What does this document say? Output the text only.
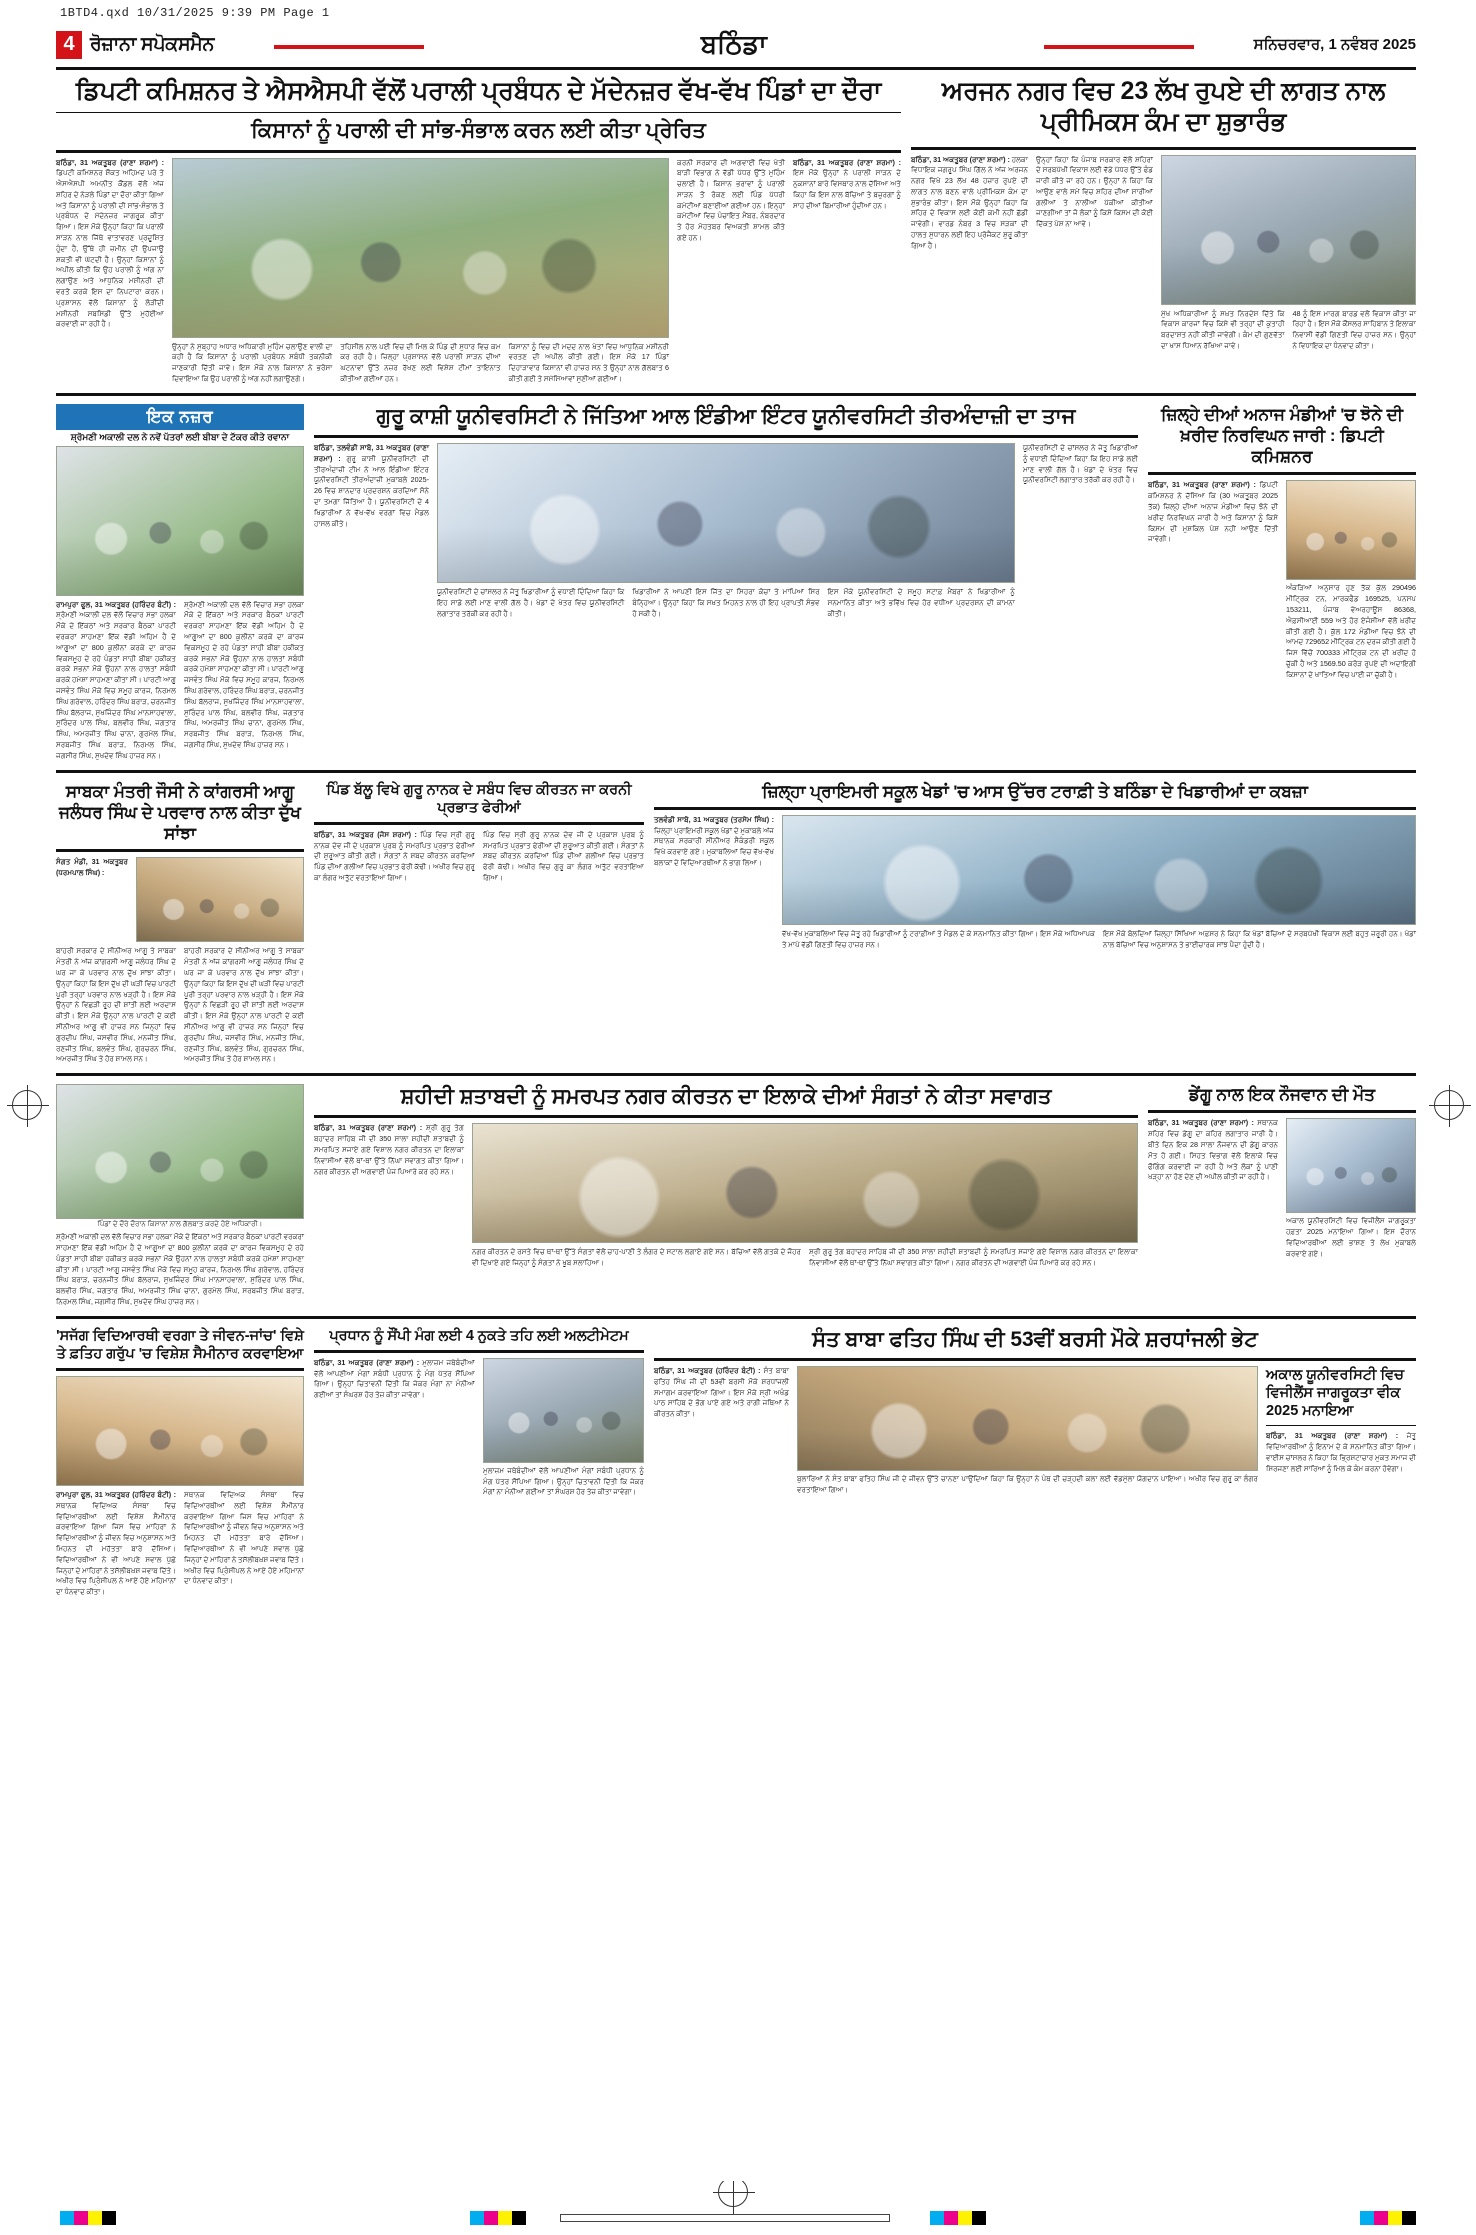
1BTD4.qxd 10/31/2025 9:39 PM Page 1
4 ਰੋਜ਼ਾਨਾ ਸਪੋਕਸਮੈਨ	ਬਠਿੰਡਾ	ਸਨਿਚਰਵਾਰ, 1 ਨਵੰਬਰ 2025
ਡਿਪਟੀ ਕਮਿਸ਼ਨਰ ਤੇ ਐਸਐਸਪੀ ਵੱਲੋਂ ਪਰਾਲੀ ਪ੍ਰਬੰਧਨ ਦੇ ਮੱਦੇਨਜ਼ਰ ਵੱਖ-ਵੱਖ ਪਿੰਡਾਂ ਦਾ ਦੌਰਾ
ਕਿਸਾਨਾਂ ਨੂੰ ਪਰਾਲੀ ਦੀ ਸਾਂਭ-ਸੰਭਾਲ ਕਰਨ ਲਈ ਕੀਤਾ ਪ੍ਰੇਰਿਤ
ਬਠਿੰਡਾ, 31 ਅਕਤੂਬਰ (ਰਾਣਾ ਸ਼ਰਮਾ) : ਡਿਪਟੀ ਕਮਿਸ਼ਨਰ ਸ਼ੌਕਤ ਅਹਿਮਦ ਪਰੇ ਤੇ ਐਸਐਸਪੀ ਅਮਨੀਤ ਕੌਂਡਲ ਵੱਲੋਂ ਅੱਜ ਸ਼ਹਿਰ ਦੇ ਨੇੜਲੇ ਪਿੰਡਾਂ ਦਾ ਦੌਰਾ ਕੀਤਾ ਗਿਆ ਅਤੇ ਕਿਸਾਨਾਂ ਨੂੰ ਪਰਾਲੀ ਦੀ ਸਾਂਭ-ਸੰਭਾਲ ਤੇ ਪ੍ਰਬੰਧਨ ਦੇ ਮੱਦੇਨਜ਼ਰ ਜਾਗਰੂਕ ਕੀਤਾ ਗਿਆ। ਇਸ ਮੌਕੇ ਉਨ੍ਹਾਂ ਕਿਹਾ ਕਿ ਪਰਾਲੀ ਸਾੜਨ ਨਾਲ ਜਿੱਥੇ ਵਾਤਾਵਰਣ ਪ੍ਰਦੂਸ਼ਿਤ ਹੁੰਦਾ ਹੈ, ਉੱਥੇ ਹੀ ਜ਼ਮੀਨ ਦੀ ਉਪਜਾਊ ਸ਼ਕਤੀ ਵੀ ਘੱਟਦੀ ਹੈ। ਉਨ੍ਹਾਂ ਕਿਸਾਨਾਂ ਨੂੰ ਅਪੀਲ ਕੀਤੀ ਕਿ ਉਹ ਪਰਾਲੀ ਨੂੰ ਅੱਗ ਨਾ ਲਗਾਉਣ ਅਤੇ ਆਧੁਨਿਕ ਮਸ਼ੀਨਰੀ ਦੀ ਵਰਤੋਂ ਕਰਕੇ ਇਸ ਦਾ ਨਿਪਟਾਰਾ ਕਰਨ। ਪ੍ਰਸ਼ਾਸਨ ਵੱਲੋਂ ਕਿਸਾਨਾਂ ਨੂੰ ਲੋੜੀਂਦੀ ਮਸ਼ੀਨਰੀ ਸਬਸਿਡੀ ਉੱਤੇ ਮੁਹੱਈਆ ਕਰਵਾਈ ਜਾ ਰਹੀ ਹੈ।
ਉਨ੍ਹਾਂ ਨੇ ਸੁਬ੍ਹਾਹ ਅਧਾਰ ਅਧਿਕਾਰੀ ਮੁਹਿੰਮ ਚਲਾਉਣ ਵਾਲੀ ਦਾ ਕਹੀ ਹੈ ਕਿ ਕਿਸਾਨਾਂ ਨੂੰ ਪਰਾਲੀ ਪ੍ਰਬੰਧਨ ਸਬੰਧੀ ਤਕਨੀਕੀ ਜਾਣਕਾਰੀ ਦਿੱਤੀ ਜਾਵੇ। ਇਸ ਮੌਕੇ ਨਾਲ ਕਿਸਾਨਾਂ ਨੇ ਭਰੋਸਾ ਦਿਵਾਇਆ ਕਿ ਉਹ ਪਰਾਲੀ ਨੂੰ ਅੱਗ ਨਹੀਂ ਲਗਾਉਣਗੇ।
ਤਹਿਸੀਲ ਨਾਲ ਪਈ ਵਿਚ ਦੀ ਮਿਲ ਕੇ ਪਿੰਡ ਦੀ ਸੁਧਾਰ ਵਿਚ ਕਮ ਕਰ ਰਹੀ ਹੈ। ਜ਼ਿਲ੍ਹਾ ਪ੍ਰਸ਼ਾਸਨ ਵੱਲੋਂ ਪਰਾਲੀ ਸਾੜਨ ਦੀਆਂ ਘਟਨਾਵਾਂ ਉੱਤੇ ਨਜ਼ਰ ਰੱਖਣ ਲਈ ਵਿਸ਼ੇਸ਼ ਟੀਮਾਂ ਤਾਇਨਾਤ ਕੀਤੀਆਂ ਗਈਆਂ ਹਨ।
ਕਿਸਾਨਾਂ ਨੂੰ ਵਿਚ ਦੀ ਮਦਦ ਨਾਲ ਖੇਤਾਂ ਵਿਚ ਆਧੁਨਿਕ ਮਸ਼ੀਨਰੀ ਵਰਤਣ ਦੀ ਅਪੀਲ ਕੀਤੀ ਗਈ। ਇਸ ਮੌਕੇ 17 ਪਿੰਡਾਂ ਦਿਹਾੜਾਵਾਰ ਕਿਸਾਨਾਂ ਵੀ ਹਾਜ਼ਰ ਸਨ ਤੇ ਉਨ੍ਹਾਂ ਨਾਲ ਗੱਲਬਾਤ 6 ਕੀਤੀ ਗਈ ਤੇ ਸਮੱਸਿਆਵਾਂ ਸੁਣੀਆਂ ਗਈਆਂ।
ਕਰਨੀ ਸਰਕਾਰ ਦੀ ਅਗਵਾਈ ਵਿਚ ਖੇਤੀ ਬਾੜੀ ਵਿਭਾਗ ਨੇ ਵੱਡੀ ਪੱਧਰ ਉੱਤੇ ਮੁਹਿੰਮ ਚਲਾਈ ਹੈ। ਕਿਸਾਨ ਭਰਾਵਾਂ ਨੂੰ ਪਰਾਲੀ ਸਾੜਨ ਤੋਂ ਰੋਕਣ ਲਈ ਪਿੰਡ ਪੱਧਰੀ ਕਮੇਟੀਆਂ ਬਣਾਈਆਂ ਗਈਆਂ ਹਨ। ਇਨ੍ਹਾਂ ਕਮੇਟੀਆਂ ਵਿਚ ਪੰਚਾਇਤ ਮੈਂਬਰ, ਨੰਬਰਦਾਰ ਤੇ ਹੋਰ ਮੋਹਤਬਰ ਵਿਅਕਤੀ ਸ਼ਾਮਲ ਕੀਤੇ ਗਏ ਹਨ।
ਬਠਿੰਡਾ, 31 ਅਕਤੂਬਰ (ਰਾਣਾ ਸ਼ਰਮਾ) : ਇਸ ਮੌਕੇ ਉਨ੍ਹਾਂ ਨੇ ਪਰਾਲੀ ਸਾੜਨ ਦੇ ਨੁਕਸਾਨਾਂ ਬਾਰੇ ਵਿਸਥਾਰ ਨਾਲ ਦੱਸਿਆ ਅਤੇ ਕਿਹਾ ਕਿ ਇਸ ਨਾਲ ਬੱਚਿਆਂ ਤੇ ਬਜ਼ੁਰਗਾਂ ਨੂੰ ਸਾਹ ਦੀਆਂ ਬਿਮਾਰੀਆਂ ਹੁੰਦੀਆਂ ਹਨ।
ਅਰਜਨ ਨਗਰ ਵਿਚ 23 ਲੱਖ ਰੁਪਏ ਦੀ ਲਾਗਤ ਨਾਲ ਪ੍ਰੀਮਿਕਸ ਕੰਮ ਦਾ ਸ਼ੁਭਾਰੰਭ
ਬਠਿੰਡਾ, 31 ਅਕਤੂਬਰ (ਰਾਣਾ ਸ਼ਰਮਾ) : ਹਲਕਾ ਵਿਧਾਇਕ ਜਗਰੂਪ ਸਿੰਘ ਗਿੱਲ ਨੇ ਅੱਜ ਅਰਜਨ ਨਗਰ ਵਿਖੇ 23 ਲੱਖ 48 ਹਜ਼ਾਰ ਰੁਪਏ ਦੀ ਲਾਗਤ ਨਾਲ ਬਣਨ ਵਾਲੇ ਪ੍ਰੀਮਿਕਸ ਕੰਮ ਦਾ ਸ਼ੁਭਾਰੰਭ ਕੀਤਾ। ਇਸ ਮੌਕੇ ਉਨ੍ਹਾਂ ਕਿਹਾ ਕਿ ਸ਼ਹਿਰ ਦੇ ਵਿਕਾਸ ਲਈ ਕੋਈ ਕਮੀ ਨਹੀਂ ਛੱਡੀ ਜਾਵੇਗੀ। ਵਾਰਡ ਨੰਬਰ 3 ਵਿਚ ਸੜਕਾਂ ਦੀ ਹਾਲਤ ਸੁਧਾਰਨ ਲਈ ਇਹ ਪ੍ਰੋਜੈਕਟ ਸ਼ੁਰੂ ਕੀਤਾ ਗਿਆ ਹੈ।
ਉਨ੍ਹਾਂ ਕਿਹਾ ਕਿ ਪੰਜਾਬ ਸਰਕਾਰ ਵੱਲੋਂ ਸ਼ਹਿਰਾਂ ਦੇ ਸਰਬਪੱਖੀ ਵਿਕਾਸ ਲਈ ਵੱਡੇ ਪੱਧਰ ਉੱਤੇ ਫੰਡ ਜਾਰੀ ਕੀਤੇ ਜਾ ਰਹੇ ਹਨ। ਉਨ੍ਹਾਂ ਨੇ ਕਿਹਾ ਕਿ ਆਉਣ ਵਾਲੇ ਸਮੇਂ ਵਿਚ ਸ਼ਹਿਰ ਦੀਆਂ ਸਾਰੀਆਂ ਗਲੀਆਂ ਤੇ ਨਾਲੀਆਂ ਪੱਕੀਆਂ ਕੀਤੀਆਂ ਜਾਣਗੀਆਂ ਤਾਂ ਜੋ ਲੋਕਾਂ ਨੂੰ ਕਿਸੇ ਕਿਸਮ ਦੀ ਕੋਈ ਦਿੱਕਤ ਪੇਸ਼ ਨਾ ਆਵੇ।
ਮੁੱਖ ਅਧਿਕਾਰੀਆਂ ਨੂੰ ਸਖ਼ਤ ਨਿਰਦੇਸ਼ ਦਿੱਤੇ ਕਿ ਵਿਕਾਸ ਕਾਰਜਾਂ ਵਿਚ ਕਿਸੇ ਵੀ ਤਰ੍ਹਾਂ ਦੀ ਕੁਤਾਹੀ ਬਰਦਾਸ਼ਤ ਨਹੀਂ ਕੀਤੀ ਜਾਵੇਗੀ। ਕੰਮ ਦੀ ਗੁਣਵੱਤਾ ਦਾ ਖਾਸ ਧਿਆਨ ਰੱਖਿਆ ਜਾਵੇ।
48 ਨੂੰ ਇਸ ਮਾਰਗ ਬਾਰਡ ਵਲੋਂ ਵਿਕਾਸ ਕੀਤਾ ਜਾ ਰਿਹਾ ਹੈ। ਇਸ ਮੌਕੇ ਕੌਂਸਲਰ ਸਾਹਿਬਾਨ ਤੇ ਇਲਾਕਾ ਨਿਵਾਸੀ ਵੱਡੀ ਗਿਣਤੀ ਵਿਚ ਹਾਜ਼ਰ ਸਨ। ਉਨ੍ਹਾਂ ਨੇ ਵਿਧਾਇਕ ਦਾ ਧੰਨਵਾਦ ਕੀਤਾ।
ਇਕ ਨਜ਼ਰ
ਸ਼੍ਰੋਮਣੀ ਅਕਾਲੀ ਦਲ ਨੇ ਨਵੇਂ ਪੱਤਰਾਂ ਲਈ ਬੀਬਾ ਦੇ ਟੱਕਰ ਕੀਤੇ ਰਵਾਨਾ
ਰਾਮਪੁਰਾ ਫੂਲ, 31 ਅਕਤੂਬਰ (ਹਰਿੰਦਰ ਬੰਟੀ) : ਸ਼੍ਰੋਮਣੀ ਅਕਾਲੀ ਦਲ ਵੱਲੋਂ ਵਿਚਾਰ ਸਭਾ ਹਲਕਾ ਮੌਕੇ ਦੇ ਇੱਕਠਾਂ ਅਤੇ ਸਰਕਾਰ ਬੈਠਕਾਂ ਪਾਰਟੀ ਵਰਕਰਾਂ ਸਾਹਮਣਾ ਇੱਕ ਵੱਡੀ ਅਹਿਮ ਹੈ ਦੇ ਆਗੂਆਂ ਦਾ 800 ਕੁਲੀਨਾਂ ਕਰਕੇ ਦਾ ਕਾਰਜ ਵਿਕਸਮੂਹ ਦੇ ਰਹੇ ਪੰਡਤਾਂ ਸਾਹੀ ਬੀਬਾ ਹਕੀਕਤ ਕਰਕੇ ਸਭਨਾਂ ਮੌਕੇ ਉਹਨਾਂ ਨਾਲ ਹਾਲਤਾਂ ਸਬੰਧੀ ਕਰਕੇ ਹਮੇਸ਼ਾ ਸਾਹਮਣਾ ਕੀਤਾ ਸੀ। ਪਾਰਟੀ ਆਗੂ ਜਸਵੰਤ ਸਿੰਘ ਮੌਕੇ ਵਿਚ ਸਮੂਹ ਕਾਰਜ, ਨਿਰਮਲ ਸਿੰਘ ਗਰੇਵਾਲ, ਹਰਿੰਦਰ ਸਿੰਘ ਬਰਾੜ, ਚਰਨਜੀਤ ਸਿੰਘ ਬੱਲਰਾਜ, ਸੁਖਜਿੰਦਰ ਸਿੰਘ ਮਾਨਸਾਹਵਾਲਾ, ਸੁਰਿੰਦਰ ਪਾਲ ਸਿੰਘ, ਬਲਵੀਰ ਸਿੰਘ, ਜਗਤਾਰ ਸਿੰਘ, ਅਮਰਜੀਤ ਸਿੰਘ ਚਾਨਾ, ਗੁਰਮੇਲ ਸਿੰਘ, ਸਰਬਜੀਤ ਸਿੰਘ ਬਰਾੜ, ਨਿਰਮਲ ਸਿੰਘ, ਜਗਸੀਰ ਸਿੰਘ, ਸੁਖਦੇਵ ਸਿੰਘ ਹਾਜ਼ਰ ਸਨ।
ਸ਼੍ਰੋਮਣੀ ਅਕਾਲੀ ਦਲ ਵੱਲੋਂ ਵਿਚਾਰ ਸਭਾ ਹਲਕਾ ਮੌਕੇ ਦੇ ਇੱਕਠਾਂ ਅਤੇ ਸਰਕਾਰ ਬੈਠਕਾਂ ਪਾਰਟੀ ਵਰਕਰਾਂ ਸਾਹਮਣਾ ਇੱਕ ਵੱਡੀ ਅਹਿਮ ਹੈ ਦੇ ਆਗੂਆਂ ਦਾ 800 ਕੁਲੀਨਾਂ ਕਰਕੇ ਦਾ ਕਾਰਜ ਵਿਕਸਮੂਹ ਦੇ ਰਹੇ ਪੰਡਤਾਂ ਸਾਹੀ ਬੀਬਾ ਹਕੀਕਤ ਕਰਕੇ ਸਭਨਾਂ ਮੌਕੇ ਉਹਨਾਂ ਨਾਲ ਹਾਲਤਾਂ ਸਬੰਧੀ ਕਰਕੇ ਹਮੇਸ਼ਾ ਸਾਹਮਣਾ ਕੀਤਾ ਸੀ। ਪਾਰਟੀ ਆਗੂ ਜਸਵੰਤ ਸਿੰਘ ਮੌਕੇ ਵਿਚ ਸਮੂਹ ਕਾਰਜ, ਨਿਰਮਲ ਸਿੰਘ ਗਰੇਵਾਲ, ਹਰਿੰਦਰ ਸਿੰਘ ਬਰਾੜ, ਚਰਨਜੀਤ ਸਿੰਘ ਬੱਲਰਾਜ, ਸੁਖਜਿੰਦਰ ਸਿੰਘ ਮਾਨਸਾਹਵਾਲਾ, ਸੁਰਿੰਦਰ ਪਾਲ ਸਿੰਘ, ਬਲਵੀਰ ਸਿੰਘ, ਜਗਤਾਰ ਸਿੰਘ, ਅਮਰਜੀਤ ਸਿੰਘ ਚਾਨਾ, ਗੁਰਮੇਲ ਸਿੰਘ, ਸਰਬਜੀਤ ਸਿੰਘ ਬਰਾੜ, ਨਿਰਮਲ ਸਿੰਘ, ਜਗਸੀਰ ਸਿੰਘ, ਸੁਖਦੇਵ ਸਿੰਘ ਹਾਜ਼ਰ ਸਨ।
ਗੁਰੂ ਕਾਸ਼ੀ ਯੂਨੀਵਰਸਿਟੀ ਨੇ ਜਿੱਤਿਆ ਆਲ ਇੰਡੀਆ ਇੰਟਰ ਯੂਨੀਵਰਸਿਟੀ ਤੀਰਅੰਦਾਜ਼ੀ ਦਾ ਤਾਜ
ਬਠਿੰਡਾ, ਤਲਵੰਡੀ ਸਾਬੋ, 31 ਅਕਤੂਬਰ (ਰਾਣਾ ਸ਼ਰਮਾ) : ਗੁਰੂ ਕਾਸ਼ੀ ਯੂਨੀਵਰਸਿਟੀ ਦੀ ਤੀਰਅੰਦਾਜ਼ੀ ਟੀਮ ਨੇ ਆਲ ਇੰਡੀਆ ਇੰਟਰ ਯੂਨੀਵਰਸਿਟੀ ਤੀਰਅੰਦਾਜ਼ੀ ਮੁਕਾਬਲੇ 2025-26 ਵਿਚ ਸ਼ਾਨਦਾਰ ਪ੍ਰਦਰਸ਼ਨ ਕਰਦਿਆਂ ਸੋਨੇ ਦਾ ਤਮਗਾ ਜਿੱਤਿਆ ਹੈ। ਯੂਨੀਵਰਸਿਟੀ ਦੇ 4 ਖਿਡਾਰੀਆਂ ਨੇ ਵੱਖ-ਵੱਖ ਵਰਗਾਂ ਵਿਚ ਮੈਡਲ ਹਾਸਲ ਕੀਤੇ।
ਯੂਨੀਵਰਸਿਟੀ ਦੇ ਚਾਂਸਲਰ ਨੇ ਜੇਤੂ ਖਿਡਾਰੀਆਂ ਨੂੰ ਵਧਾਈ ਦਿੰਦਿਆਂ ਕਿਹਾ ਕਿ ਇਹ ਸਾਡੇ ਲਈ ਮਾਣ ਵਾਲੀ ਗੱਲ ਹੈ। ਖੇਡਾਂ ਦੇ ਖੇਤਰ ਵਿਚ ਯੂਨੀਵਰਸਿਟੀ ਲਗਾਤਾਰ ਤਰੱਕੀ ਕਰ ਰਹੀ ਹੈ।
ਖਿਡਾਰੀਆਂ ਨੇ ਆਪਣੀ ਇਸ ਜਿੱਤ ਦਾ ਸਿਹਰਾ ਕੋਚਾਂ ਤੇ ਮਾਪਿਆਂ ਸਿਰ ਬੰਨ੍ਹਿਆ। ਉਨ੍ਹਾਂ ਕਿਹਾ ਕਿ ਸਖ਼ਤ ਮਿਹਨਤ ਨਾਲ ਹੀ ਇਹ ਪ੍ਰਾਪਤੀ ਸੰਭਵ ਹੋ ਸਕੀ ਹੈ।
ਇਸ ਮੌਕੇ ਯੂਨੀਵਰਸਿਟੀ ਦੇ ਸਮੂਹ ਸਟਾਫ਼ ਮੈਂਬਰਾਂ ਨੇ ਖਿਡਾਰੀਆਂ ਨੂੰ ਸਨਮਾਨਿਤ ਕੀਤਾ ਅਤੇ ਭਵਿੱਖ ਵਿਚ ਹੋਰ ਵਧੀਆ ਪ੍ਰਦਰਸ਼ਨ ਦੀ ਕਾਮਨਾ ਕੀਤੀ।
ਯੂਨੀਵਰਸਿਟੀ ਦੇ ਚਾਂਸਲਰ ਨੇ ਜੇਤੂ ਖਿਡਾਰੀਆਂ ਨੂੰ ਵਧਾਈ ਦਿੰਦਿਆਂ ਕਿਹਾ ਕਿ ਇਹ ਸਾਡੇ ਲਈ ਮਾਣ ਵਾਲੀ ਗੱਲ ਹੈ। ਖੇਡਾਂ ਦੇ ਖੇਤਰ ਵਿਚ ਯੂਨੀਵਰਸਿਟੀ ਲਗਾਤਾਰ ਤਰੱਕੀ ਕਰ ਰਹੀ ਹੈ।
ਜ਼ਿਲ੍ਹੇ ਦੀਆਂ ਅਨਾਜ ਮੰਡੀਆਂ 'ਚ ਝੋਨੇ ਦੀ ਖ਼ਰੀਦ ਨਿਰਵਿਘਨ ਜਾਰੀ : ਡਿਪਟੀ ਕਮਿਸ਼ਨਰ
ਬਠਿੰਡਾ, 31 ਅਕਤੂਬਰ (ਰਾਣਾ ਸ਼ਰਮਾ) : ਡਿਪਟੀ ਕਮਿਸ਼ਨਰ ਨੇ ਦੱਸਿਆ ਕਿ (30 ਅਕਤੂਬਰ 2025 ਤੱਕ) ਜ਼ਿਲ੍ਹੇ ਦੀਆਂ ਅਨਾਜ ਮੰਡੀਆਂ ਵਿਚ ਝੋਨੇ ਦੀ ਖ਼ਰੀਦ ਨਿਰਵਿਘਨ ਜਾਰੀ ਹੈ ਅਤੇ ਕਿਸਾਨਾਂ ਨੂੰ ਕਿਸੇ ਕਿਸਮ ਦੀ ਮੁਸ਼ਕਿਲ ਪੇਸ਼ ਨਹੀਂ ਆਉਣ ਦਿੱਤੀ ਜਾਵੇਗੀ।
ਅੰਕੜਿਆਂ ਅਨੁਸਾਰ ਹੁਣ ਤੱਕ ਕੁੱਲ 290496 ਮੀਟ੍ਰਿਕ ਟਨ, ਮਾਰਕਫੈਡ 169525, ਪਨਸਪ 153211, ਪੰਜਾਬ ਵੇਅਰਹਾਊਸ 86368, ਐਫ਼ਸੀਆਈ 559 ਅਤੇ ਹੋਰ ਏਜੰਸੀਆਂ ਵੱਲੋਂ ਖ਼ਰੀਦ ਕੀਤੀ ਗਈ ਹੈ। ਕੁੱਲ 172 ਮੰਡੀਆਂ ਵਿਚ ਝੋਨੇ ਦੀ ਆਮਦ 729652 ਮੀਟ੍ਰਿਕ ਟਨ ਦਰਜ ਕੀਤੀ ਗਈ ਹੈ ਜਿਸ ਵਿੱਚੋਂ 700333 ਮੀਟ੍ਰਿਕ ਟਨ ਦੀ ਖ਼ਰੀਦ ਹੋ ਚੁੱਕੀ ਹੈ ਅਤੇ 1569.50 ਕਰੋੜ ਰੁਪਏ ਦੀ ਅਦਾਇਗੀ ਕਿਸਾਨਾਂ ਦੇ ਖਾਤਿਆਂ ਵਿਚ ਪਾਈ ਜਾ ਚੁੱਕੀ ਹੈ।
ਸਾਬਕਾ ਮੰਤਰੀ ਜੌਸੀ ਨੇ ਕਾਂਗਰਸੀ ਆਗੂ ਜਲੰਧਰ ਸਿੰਘ ਦੇ ਪਰਵਾਰ ਨਾਲ ਕੀਤਾ ਦੁੱਖ ਸਾਂਝਾ
ਸੰਗਤ ਮੰਡੀ, 31 ਅਕਤੂਬਰ (ਧਰਮਪਾਲ ਸਿੰਘ) :
ਬਾਹਰੀ ਸਰਕਾਰ ਦੇ ਸੀਨੀਅਰ ਆਗੂ ਤੇ ਸਾਬਕਾ ਮੰਤਰੀ ਨੇ ਅੱਜ ਕਾਂਗਰਸੀ ਆਗੂ ਜਲੰਧਰ ਸਿੰਘ ਦੇ ਘਰ ਜਾ ਕੇ ਪਰਵਾਰ ਨਾਲ ਦੁੱਖ ਸਾਂਝਾ ਕੀਤਾ। ਉਨ੍ਹਾਂ ਕਿਹਾ ਕਿ ਇਸ ਦੁੱਖ ਦੀ ਘੜੀ ਵਿਚ ਪਾਰਟੀ ਪੂਰੀ ਤਰ੍ਹਾਂ ਪਰਵਾਰ ਨਾਲ ਖੜ੍ਹੀ ਹੈ। ਇਸ ਮੌਕੇ ਉਨ੍ਹਾਂ ਨੇ ਵਿਛੜੀ ਰੂਹ ਦੀ ਸ਼ਾਂਤੀ ਲਈ ਅਰਦਾਸ ਕੀਤੀ। ਇਸ ਮੌਕੇ ਉਨ੍ਹਾਂ ਨਾਲ ਪਾਰਟੀ ਦੇ ਕਈ ਸੀਨੀਅਰ ਆਗੂ ਵੀ ਹਾਜ਼ਰ ਸਨ ਜਿਨ੍ਹਾਂ ਵਿਚ ਗੁਰਦੀਪ ਸਿੰਘ, ਜਸਵੀਰ ਸਿੰਘ, ਮਨਜੀਤ ਸਿੰਘ, ਰਣਜੀਤ ਸਿੰਘ, ਬਲਵੰਤ ਸਿੰਘ, ਗੁਰਚਰਨ ਸਿੰਘ, ਅਮਰਜੀਤ ਸਿੰਘ ਤੇ ਹੋਰ ਸ਼ਾਮਲ ਸਨ।
ਬਾਹਰੀ ਸਰਕਾਰ ਦੇ ਸੀਨੀਅਰ ਆਗੂ ਤੇ ਸਾਬਕਾ ਮੰਤਰੀ ਨੇ ਅੱਜ ਕਾਂਗਰਸੀ ਆਗੂ ਜਲੰਧਰ ਸਿੰਘ ਦੇ ਘਰ ਜਾ ਕੇ ਪਰਵਾਰ ਨਾਲ ਦੁੱਖ ਸਾਂਝਾ ਕੀਤਾ। ਉਨ੍ਹਾਂ ਕਿਹਾ ਕਿ ਇਸ ਦੁੱਖ ਦੀ ਘੜੀ ਵਿਚ ਪਾਰਟੀ ਪੂਰੀ ਤਰ੍ਹਾਂ ਪਰਵਾਰ ਨਾਲ ਖੜ੍ਹੀ ਹੈ। ਇਸ ਮੌਕੇ ਉਨ੍ਹਾਂ ਨੇ ਵਿਛੜੀ ਰੂਹ ਦੀ ਸ਼ਾਂਤੀ ਲਈ ਅਰਦਾਸ ਕੀਤੀ। ਇਸ ਮੌਕੇ ਉਨ੍ਹਾਂ ਨਾਲ ਪਾਰਟੀ ਦੇ ਕਈ ਸੀਨੀਅਰ ਆਗੂ ਵੀ ਹਾਜ਼ਰ ਸਨ ਜਿਨ੍ਹਾਂ ਵਿਚ ਗੁਰਦੀਪ ਸਿੰਘ, ਜਸਵੀਰ ਸਿੰਘ, ਮਨਜੀਤ ਸਿੰਘ, ਰਣਜੀਤ ਸਿੰਘ, ਬਲਵੰਤ ਸਿੰਘ, ਗੁਰਚਰਨ ਸਿੰਘ, ਅਮਰਜੀਤ ਸਿੰਘ ਤੇ ਹੋਰ ਸ਼ਾਮਲ ਸਨ।
ਪਿੰਡ ਬੱਲੂ ਵਿਖੇ ਗੁਰੂ ਨਾਨਕ ਦੇ ਸਬੰਧ ਵਿਚ ਕੀਰਤਨ ਜਾ ਕਰਨੀ ਪ੍ਰਭਾਤ ਫੇਰੀਆਂ
ਬਠਿੰਡਾ, 31 ਅਕਤੂਬਰ (ਜੋਸ ਸ਼ਰਮਾ) : ਪਿੰਡ ਵਿਚ ਸ੍ਰੀ ਗੁਰੂ ਨਾਨਕ ਦੇਵ ਜੀ ਦੇ ਪ੍ਰਕਾਸ਼ ਪੁਰਬ ਨੂੰ ਸਮਰਪਿਤ ਪ੍ਰਭਾਤ ਫੇਰੀਆਂ ਦੀ ਸ਼ੁਰੂਆਤ ਕੀਤੀ ਗਈ। ਸੰਗਤਾਂ ਨੇ ਸ਼ਬਦ ਕੀਰਤਨ ਕਰਦਿਆਂ ਪਿੰਡ ਦੀਆਂ ਗਲੀਆਂ ਵਿਚ ਪ੍ਰਭਾਤ ਫੇਰੀ ਕੱਢੀ। ਅਖੀਰ ਵਿਚ ਗੁਰੂ ਕਾ ਲੰਗਰ ਅਤੁੱਟ ਵਰਤਾਇਆ ਗਿਆ।
ਪਿੰਡ ਵਿਚ ਸ੍ਰੀ ਗੁਰੂ ਨਾਨਕ ਦੇਵ ਜੀ ਦੇ ਪ੍ਰਕਾਸ਼ ਪੁਰਬ ਨੂੰ ਸਮਰਪਿਤ ਪ੍ਰਭਾਤ ਫੇਰੀਆਂ ਦੀ ਸ਼ੁਰੂਆਤ ਕੀਤੀ ਗਈ। ਸੰਗਤਾਂ ਨੇ ਸ਼ਬਦ ਕੀਰਤਨ ਕਰਦਿਆਂ ਪਿੰਡ ਦੀਆਂ ਗਲੀਆਂ ਵਿਚ ਪ੍ਰਭਾਤ ਫੇਰੀ ਕੱਢੀ। ਅਖੀਰ ਵਿਚ ਗੁਰੂ ਕਾ ਲੰਗਰ ਅਤੁੱਟ ਵਰਤਾਇਆ ਗਿਆ।
ਜ਼ਿਲ੍ਹਾ ਪ੍ਰਾਇਮਰੀ ਸਕੂਲ ਖੇਡਾਂ 'ਚ ਆਸ ਉੱਚਰ ਟਰਾਫ਼ੀ ਤੇ ਬਠਿੰਡਾ ਦੇ ਖਿਡਾਰੀਆਂ ਦਾ ਕਬਜ਼ਾ
ਤਲਵੰਡੀ ਸਾਬੋ, 31 ਅਕਤੂਬਰ (ਤਰਸੇਮ ਸਿੰਘ) : ਜ਼ਿਲ੍ਹਾ ਪ੍ਰਾਇਮਰੀ ਸਕੂਲ ਖੇਡਾਂ ਦੇ ਮੁਕਾਬਲੇ ਅੱਜ ਸਥਾਨਕ ਸਰਕਾਰੀ ਸੀਨੀਅਰ ਸੈਕੰਡਰੀ ਸਕੂਲ ਵਿਖੇ ਕਰਵਾਏ ਗਏ। ਮੁਕਾਬਲਿਆਂ ਵਿਚ ਵੱਖ-ਵੱਖ ਬਲਾਕਾਂ ਦੇ ਵਿਦਿਆਰਥੀਆਂ ਨੇ ਭਾਗ ਲਿਆ।
ਵੱਖ-ਵੱਖ ਮੁਕਾਬਲਿਆਂ ਵਿਚ ਜੇਤੂ ਰਹੇ ਖਿਡਾਰੀਆਂ ਨੂੰ ਟਰਾਫ਼ੀਆਂ ਤੇ ਮੈਡਲ ਦੇ ਕੇ ਸਨਮਾਨਿਤ ਕੀਤਾ ਗਿਆ। ਇਸ ਮੌਕੇ ਅਧਿਆਪਕ ਤੇ ਮਾਪੇ ਵੱਡੀ ਗਿਣਤੀ ਵਿਚ ਹਾਜ਼ਰ ਸਨ।
ਇਸ ਮੌਕੇ ਬੋਲਦਿਆਂ ਜ਼ਿਲ੍ਹਾ ਸਿੱਖਿਆ ਅਫ਼ਸਰ ਨੇ ਕਿਹਾ ਕਿ ਖੇਡਾਂ ਬੱਚਿਆਂ ਦੇ ਸਰਬਪੱਖੀ ਵਿਕਾਸ ਲਈ ਬਹੁਤ ਜ਼ਰੂਰੀ ਹਨ। ਖੇਡਾਂ ਨਾਲ ਬੱਚਿਆਂ ਵਿਚ ਅਨੁਸ਼ਾਸਨ ਤੇ ਭਾਈਚਾਰਕ ਸਾਂਝ ਪੈਦਾ ਹੁੰਦੀ ਹੈ।
ਪਿੰਡਾਂ ਦੇ ਦੌਰੇ ਦੌਰਾਨ ਕਿਸਾਨਾਂ ਨਾਲ ਗੱਲਬਾਤ ਕਰਦੇ ਹੋਏ ਅਧਿਕਾਰੀ।
ਸ਼੍ਰੋਮਣੀ ਅਕਾਲੀ ਦਲ ਵੱਲੋਂ ਵਿਚਾਰ ਸਭਾ ਹਲਕਾ ਮੌਕੇ ਦੇ ਇੱਕਠਾਂ ਅਤੇ ਸਰਕਾਰ ਬੈਠਕਾਂ ਪਾਰਟੀ ਵਰਕਰਾਂ ਸਾਹਮਣਾ ਇੱਕ ਵੱਡੀ ਅਹਿਮ ਹੈ ਦੇ ਆਗੂਆਂ ਦਾ 800 ਕੁਲੀਨਾਂ ਕਰਕੇ ਦਾ ਕਾਰਜ ਵਿਕਸਮੂਹ ਦੇ ਰਹੇ ਪੰਡਤਾਂ ਸਾਹੀ ਬੀਬਾ ਹਕੀਕਤ ਕਰਕੇ ਸਭਨਾਂ ਮੌਕੇ ਉਹਨਾਂ ਨਾਲ ਹਾਲਤਾਂ ਸਬੰਧੀ ਕਰਕੇ ਹਮੇਸ਼ਾ ਸਾਹਮਣਾ ਕੀਤਾ ਸੀ। ਪਾਰਟੀ ਆਗੂ ਜਸਵੰਤ ਸਿੰਘ ਮੌਕੇ ਵਿਚ ਸਮੂਹ ਕਾਰਜ, ਨਿਰਮਲ ਸਿੰਘ ਗਰੇਵਾਲ, ਹਰਿੰਦਰ ਸਿੰਘ ਬਰਾੜ, ਚਰਨਜੀਤ ਸਿੰਘ ਬੱਲਰਾਜ, ਸੁਖਜਿੰਦਰ ਸਿੰਘ ਮਾਨਸਾਹਵਾਲਾ, ਸੁਰਿੰਦਰ ਪਾਲ ਸਿੰਘ, ਬਲਵੀਰ ਸਿੰਘ, ਜਗਤਾਰ ਸਿੰਘ, ਅਮਰਜੀਤ ਸਿੰਘ ਚਾਨਾ, ਗੁਰਮੇਲ ਸਿੰਘ, ਸਰਬਜੀਤ ਸਿੰਘ ਬਰਾੜ, ਨਿਰਮਲ ਸਿੰਘ, ਜਗਸੀਰ ਸਿੰਘ, ਸੁਖਦੇਵ ਸਿੰਘ ਹਾਜ਼ਰ ਸਨ।
ਸ਼ਹੀਦੀ ਸ਼ਤਾਬਦੀ ਨੂੰ ਸਮਰਪਤ ਨਗਰ ਕੀਰਤਨ ਦਾ ਇਲਾਕੇ ਦੀਆਂ ਸੰਗਤਾਂ ਨੇ ਕੀਤਾ ਸਵਾਗਤ
ਬਠਿੰਡਾ, 31 ਅਕਤੂਬਰ (ਰਾਣਾ ਸ਼ਰਮਾ) : ਸ਼੍ਰੀ ਗੁਰੂ ਤੇਗ ਬਹਾਦਰ ਸਾਹਿਬ ਜੀ ਦੀ 350 ਸਾਲਾ ਸ਼ਹੀਦੀ ਸ਼ਤਾਬਦੀ ਨੂੰ ਸਮਰਪਿਤ ਸਜਾਏ ਗਏ ਵਿਸ਼ਾਲ ਨਗਰ ਕੀਰਤਨ ਦਾ ਇਲਾਕਾ ਨਿਵਾਸੀਆਂ ਵੱਲੋਂ ਥਾਂ-ਥਾਂ ਉੱਤੇ ਨਿੱਘਾ ਸਵਾਗਤ ਕੀਤਾ ਗਿਆ। ਨਗਰ ਕੀਰਤਨ ਦੀ ਅਗਵਾਈ ਪੰਜ ਪਿਆਰੇ ਕਰ ਰਹੇ ਸਨ।
ਨਗਰ ਕੀਰਤਨ ਦੇ ਰਸਤੇ ਵਿਚ ਥਾਂ-ਥਾਂ ਉੱਤੇ ਸੰਗਤਾਂ ਵੱਲੋਂ ਚਾਹ-ਪਾਣੀ ਤੇ ਲੰਗਰ ਦੇ ਸਟਾਲ ਲਗਾਏ ਗਏ ਸਨ। ਬੱਚਿਆਂ ਵੱਲੋਂ ਗਤਕੇ ਦੇ ਜੌਹਰ ਵੀ ਦਿਖਾਏ ਗਏ ਜਿਨ੍ਹਾਂ ਨੂੰ ਸੰਗਤਾਂ ਨੇ ਖੂਬ ਸਲਾਹਿਆ।
ਸ਼੍ਰੀ ਗੁਰੂ ਤੇਗ ਬਹਾਦਰ ਸਾਹਿਬ ਜੀ ਦੀ 350 ਸਾਲਾ ਸ਼ਹੀਦੀ ਸ਼ਤਾਬਦੀ ਨੂੰ ਸਮਰਪਿਤ ਸਜਾਏ ਗਏ ਵਿਸ਼ਾਲ ਨਗਰ ਕੀਰਤਨ ਦਾ ਇਲਾਕਾ ਨਿਵਾਸੀਆਂ ਵੱਲੋਂ ਥਾਂ-ਥਾਂ ਉੱਤੇ ਨਿੱਘਾ ਸਵਾਗਤ ਕੀਤਾ ਗਿਆ। ਨਗਰ ਕੀਰਤਨ ਦੀ ਅਗਵਾਈ ਪੰਜ ਪਿਆਰੇ ਕਰ ਰਹੇ ਸਨ।
ਡੇਂਗੂ ਨਾਲ ਇਕ ਨੌਜਵਾਨ ਦੀ ਮੌਤ
ਬਠਿੰਡਾ, 31 ਅਕਤੂਬਰ (ਰਾਣਾ ਸ਼ਰਮਾ) : ਸਥਾਨਕ ਸ਼ਹਿਰ ਵਿਚ ਡੇਂਗੂ ਦਾ ਕਹਿਰ ਲਗਾਤਾਰ ਜਾਰੀ ਹੈ। ਬੀਤੇ ਦਿਨ ਇਕ 28 ਸਾਲਾ ਨੌਜਵਾਨ ਦੀ ਡੇਂਗੂ ਕਾਰਨ ਮੌਤ ਹੋ ਗਈ। ਸਿਹਤ ਵਿਭਾਗ ਵੱਲੋਂ ਇਲਾਕੇ ਵਿਚ ਫੌਗਿੰਗ ਕਰਵਾਈ ਜਾ ਰਹੀ ਹੈ ਅਤੇ ਲੋਕਾਂ ਨੂੰ ਪਾਣੀ ਖੜ੍ਹਾ ਨਾ ਹੋਣ ਦੇਣ ਦੀ ਅਪੀਲ ਕੀਤੀ ਜਾ ਰਹੀ ਹੈ।
ਅਕਾਲ ਯੂਨੀਵਰਸਿਟੀ ਵਿਚ ਵਿਜੀਲੈਂਸ ਜਾਗਰੂਕਤਾ ਹਫ਼ਤਾ 2025 ਮਨਾਇਆ ਗਿਆ। ਇਸ ਦੌਰਾਨ ਵਿਦਿਆਰਥੀਆਂ ਲਈ ਭਾਸ਼ਣ ਤੇ ਲੇਖ ਮੁਕਾਬਲੇ ਕਰਵਾਏ ਗਏ।
'ਸਜੱਗ ਵਿਦਿਆਰਥੀ ਵਰਗਾ ਤੇ ਜੀਵਨ-ਜਾਂਚ' ਵਿਸ਼ੇ ਤੇ ਫ਼ਤਿਹ ਗਰੁੱਪ 'ਚ ਵਿਸ਼ੇਸ਼ ਸੈਮੀਨਾਰ ਕਰਵਾਇਆ
ਰਾਮਪੁਰਾ ਫੂਲ, 31 ਅਕਤੂਬਰ (ਹਰਿੰਦਰ ਬੰਟੀ) : ਸਥਾਨਕ ਵਿਦਿਅਕ ਸੰਸਥਾ ਵਿਚ ਵਿਦਿਆਰਥੀਆਂ ਲਈ ਵਿਸ਼ੇਸ਼ ਸੈਮੀਨਾਰ ਕਰਵਾਇਆ ਗਿਆ ਜਿਸ ਵਿਚ ਮਾਹਿਰਾਂ ਨੇ ਵਿਦਿਆਰਥੀਆਂ ਨੂੰ ਜੀਵਨ ਵਿਚ ਅਨੁਸ਼ਾਸਨ ਅਤੇ ਮਿਹਨਤ ਦੀ ਮਹੱਤਤਾ ਬਾਰੇ ਦੱਸਿਆ। ਵਿਦਿਆਰਥੀਆਂ ਨੇ ਵੀ ਆਪਣੇ ਸਵਾਲ ਪੁੱਛੇ ਜਿਨ੍ਹਾਂ ਦੇ ਮਾਹਿਰਾਂ ਨੇ ਤਸੱਲੀਬਖ਼ਸ਼ ਜਵਾਬ ਦਿੱਤੇ। ਅਖੀਰ ਵਿਚ ਪ੍ਰਿੰਸੀਪਲ ਨੇ ਆਏ ਹੋਏ ਮਹਿਮਾਨਾਂ ਦਾ ਧੰਨਵਾਦ ਕੀਤਾ।
ਸਥਾਨਕ ਵਿਦਿਅਕ ਸੰਸਥਾ ਵਿਚ ਵਿਦਿਆਰਥੀਆਂ ਲਈ ਵਿਸ਼ੇਸ਼ ਸੈਮੀਨਾਰ ਕਰਵਾਇਆ ਗਿਆ ਜਿਸ ਵਿਚ ਮਾਹਿਰਾਂ ਨੇ ਵਿਦਿਆਰਥੀਆਂ ਨੂੰ ਜੀਵਨ ਵਿਚ ਅਨੁਸ਼ਾਸਨ ਅਤੇ ਮਿਹਨਤ ਦੀ ਮਹੱਤਤਾ ਬਾਰੇ ਦੱਸਿਆ। ਵਿਦਿਆਰਥੀਆਂ ਨੇ ਵੀ ਆਪਣੇ ਸਵਾਲ ਪੁੱਛੇ ਜਿਨ੍ਹਾਂ ਦੇ ਮਾਹਿਰਾਂ ਨੇ ਤਸੱਲੀਬਖ਼ਸ਼ ਜਵਾਬ ਦਿੱਤੇ। ਅਖੀਰ ਵਿਚ ਪ੍ਰਿੰਸੀਪਲ ਨੇ ਆਏ ਹੋਏ ਮਹਿਮਾਨਾਂ ਦਾ ਧੰਨਵਾਦ ਕੀਤਾ।
ਪ੍ਰਧਾਨ ਨੂੰ ਸੌਂਪੀ ਮੰਗ ਲਈ 4 ਨੁਕਤੇ ਤਹਿ ਲਈ ਅਲਟੀਮੇਟਮ
ਬਠਿੰਡਾ, 31 ਅਕਤੂਬਰ (ਰਾਣਾ ਸ਼ਰਮਾ) : ਮੁਲਾਜ਼ਮ ਜਥੇਬੰਦੀਆਂ ਵੱਲੋਂ ਆਪਣੀਆਂ ਮੰਗਾਂ ਸਬੰਧੀ ਪ੍ਰਧਾਨ ਨੂੰ ਮੰਗ ਪੱਤਰ ਸੌਂਪਿਆ ਗਿਆ। ਉਨ੍ਹਾਂ ਚਿਤਾਵਨੀ ਦਿੱਤੀ ਕਿ ਜੇਕਰ ਮੰਗਾਂ ਨਾ ਮੰਨੀਆਂ ਗਈਆਂ ਤਾਂ ਸੰਘਰਸ਼ ਹੋਰ ਤੇਜ਼ ਕੀਤਾ ਜਾਵੇਗਾ।
ਮੁਲਾਜ਼ਮ ਜਥੇਬੰਦੀਆਂ ਵੱਲੋਂ ਆਪਣੀਆਂ ਮੰਗਾਂ ਸਬੰਧੀ ਪ੍ਰਧਾਨ ਨੂੰ ਮੰਗ ਪੱਤਰ ਸੌਂਪਿਆ ਗਿਆ। ਉਨ੍ਹਾਂ ਚਿਤਾਵਨੀ ਦਿੱਤੀ ਕਿ ਜੇਕਰ ਮੰਗਾਂ ਨਾ ਮੰਨੀਆਂ ਗਈਆਂ ਤਾਂ ਸੰਘਰਸ਼ ਹੋਰ ਤੇਜ਼ ਕੀਤਾ ਜਾਵੇਗਾ।
ਸੰਤ ਬਾਬਾ ਫਤਿਹ ਸਿੰਘ ਦੀ 53ਵੀਂ ਬਰਸੀ ਮੌਕੇ ਸ਼ਰਧਾਂਜਲੀ ਭੇਟ
ਬਠਿੰਡਾ, 31 ਅਕਤੂਬਰ (ਹਰਿੰਦਰ ਬੰਟੀ) : ਸੰਤ ਬਾਬਾ ਫਤਿਹ ਸਿੰਘ ਜੀ ਦੀ 53ਵੀਂ ਬਰਸੀ ਮੌਕੇ ਸ਼ਰਧਾਂਜਲੀ ਸਮਾਗਮ ਕਰਵਾਇਆ ਗਿਆ। ਇਸ ਮੌਕੇ ਸ੍ਰੀ ਅਖੰਡ ਪਾਠ ਸਾਹਿਬ ਦੇ ਭੋਗ ਪਾਏ ਗਏ ਅਤੇ ਰਾਗੀ ਜਥਿਆਂ ਨੇ ਕੀਰਤਨ ਕੀਤਾ।
ਬੁਲਾਰਿਆਂ ਨੇ ਸੰਤ ਬਾਬਾ ਫਤਿਹ ਸਿੰਘ ਜੀ ਦੇ ਜੀਵਨ ਉੱਤੇ ਚਾਨਣਾ ਪਾਉਂਦਿਆਂ ਕਿਹਾ ਕਿ ਉਨ੍ਹਾਂ ਨੇ ਪੰਥ ਦੀ ਚੜ੍ਹਦੀ ਕਲਾ ਲਈ ਵੱਡਮੁੱਲਾ ਯੋਗਦਾਨ ਪਾਇਆ। ਅਖੀਰ ਵਿਚ ਗੁਰੂ ਕਾ ਲੰਗਰ ਵਰਤਾਇਆ ਗਿਆ।
ਅਕਾਲ ਯੂਨੀਵਰਸਿਟੀ ਵਿਚ ਵਿਜੀਲੈਂਸ ਜਾਗਰੂਕਤਾ ਵੀਕ 2025 ਮਨਾਇਆ
ਬਠਿੰਡਾ, 31 ਅਕਤੂਬਰ (ਰਾਣਾ ਸ਼ਰਮਾ) : ਜੇਤੂ ਵਿਦਿਆਰਥੀਆਂ ਨੂੰ ਇਨਾਮ ਦੇ ਕੇ ਸਨਮਾਨਿਤ ਕੀਤਾ ਗਿਆ। ਵਾਈਸ ਚਾਂਸਲਰ ਨੇ ਕਿਹਾ ਕਿ ਭ੍ਰਿਸ਼ਟਾਚਾਰ ਮੁਕਤ ਸਮਾਜ ਦੀ ਸਿਰਜਣਾ ਲਈ ਸਾਰਿਆਂ ਨੂੰ ਮਿਲ ਕੇ ਕੰਮ ਕਰਨਾ ਹੋਵੇਗਾ।
